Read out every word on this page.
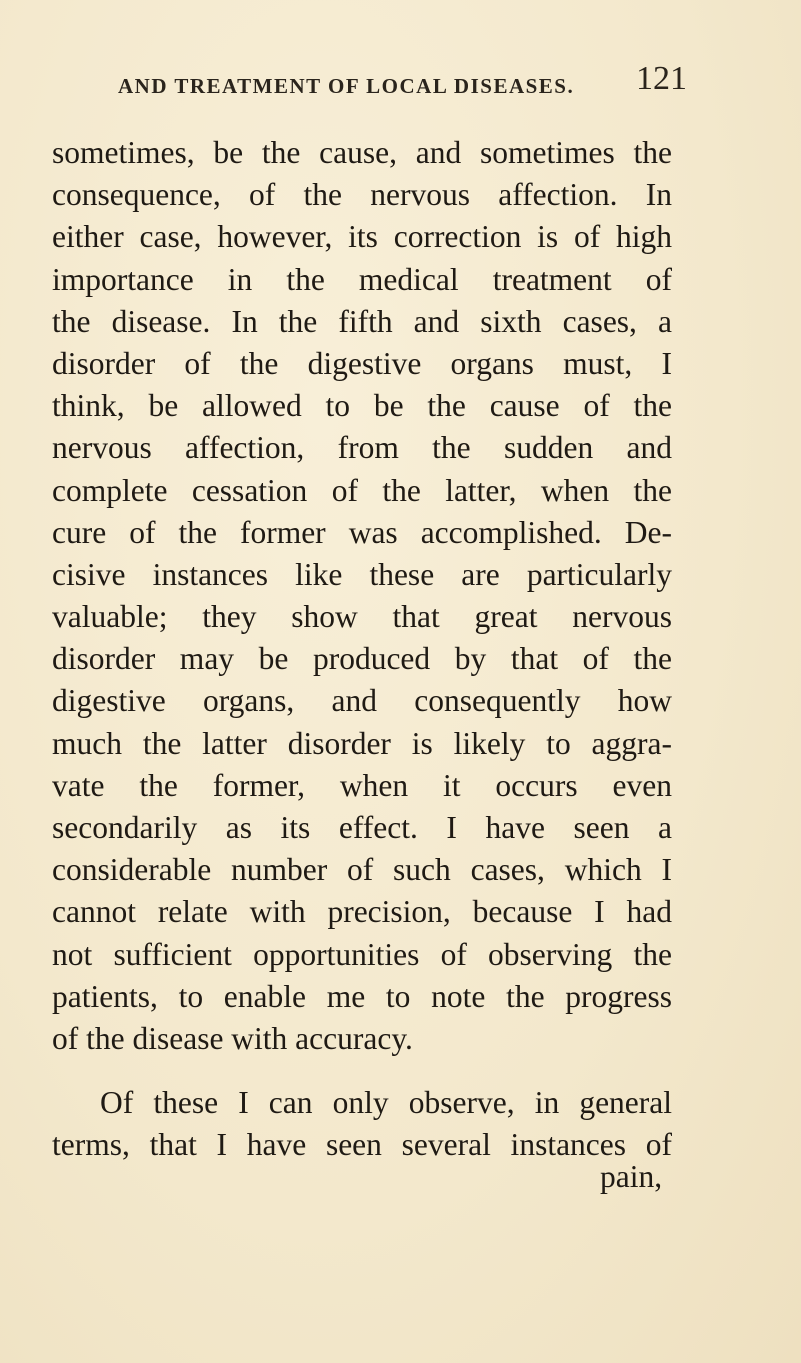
AND TREATMENT OF LOCAL DISEASES. 121
sometimes, be the cause, and sometimes the
consequence, of the nervous affection. In
either case, however, its correction is of high
importance in the medical treatment of
the disease. In the fifth and sixth cases, a
disorder of the digestive organs must, I
think, be allowed to be the cause of the
nervous affection, from the sudden and
complete cessation of the latter, when the
cure of the former was accomplished. De-
cisive instances like these are particularly
valuable; they show that great nervous
disorder may be produced by that of the
digestive organs, and consequently how
much the latter disorder is likely to aggra-
vate the former, when it occurs even
secondarily as its effect. I have seen a
considerable number of such cases, which I
cannot relate with precision, because I had
not sufficient opportunities of observing the
patients, to enable me to note the progress
of the disease with accuracy.
Of these I can only observe, in general
terms, that I have seen several instances of
pain,
